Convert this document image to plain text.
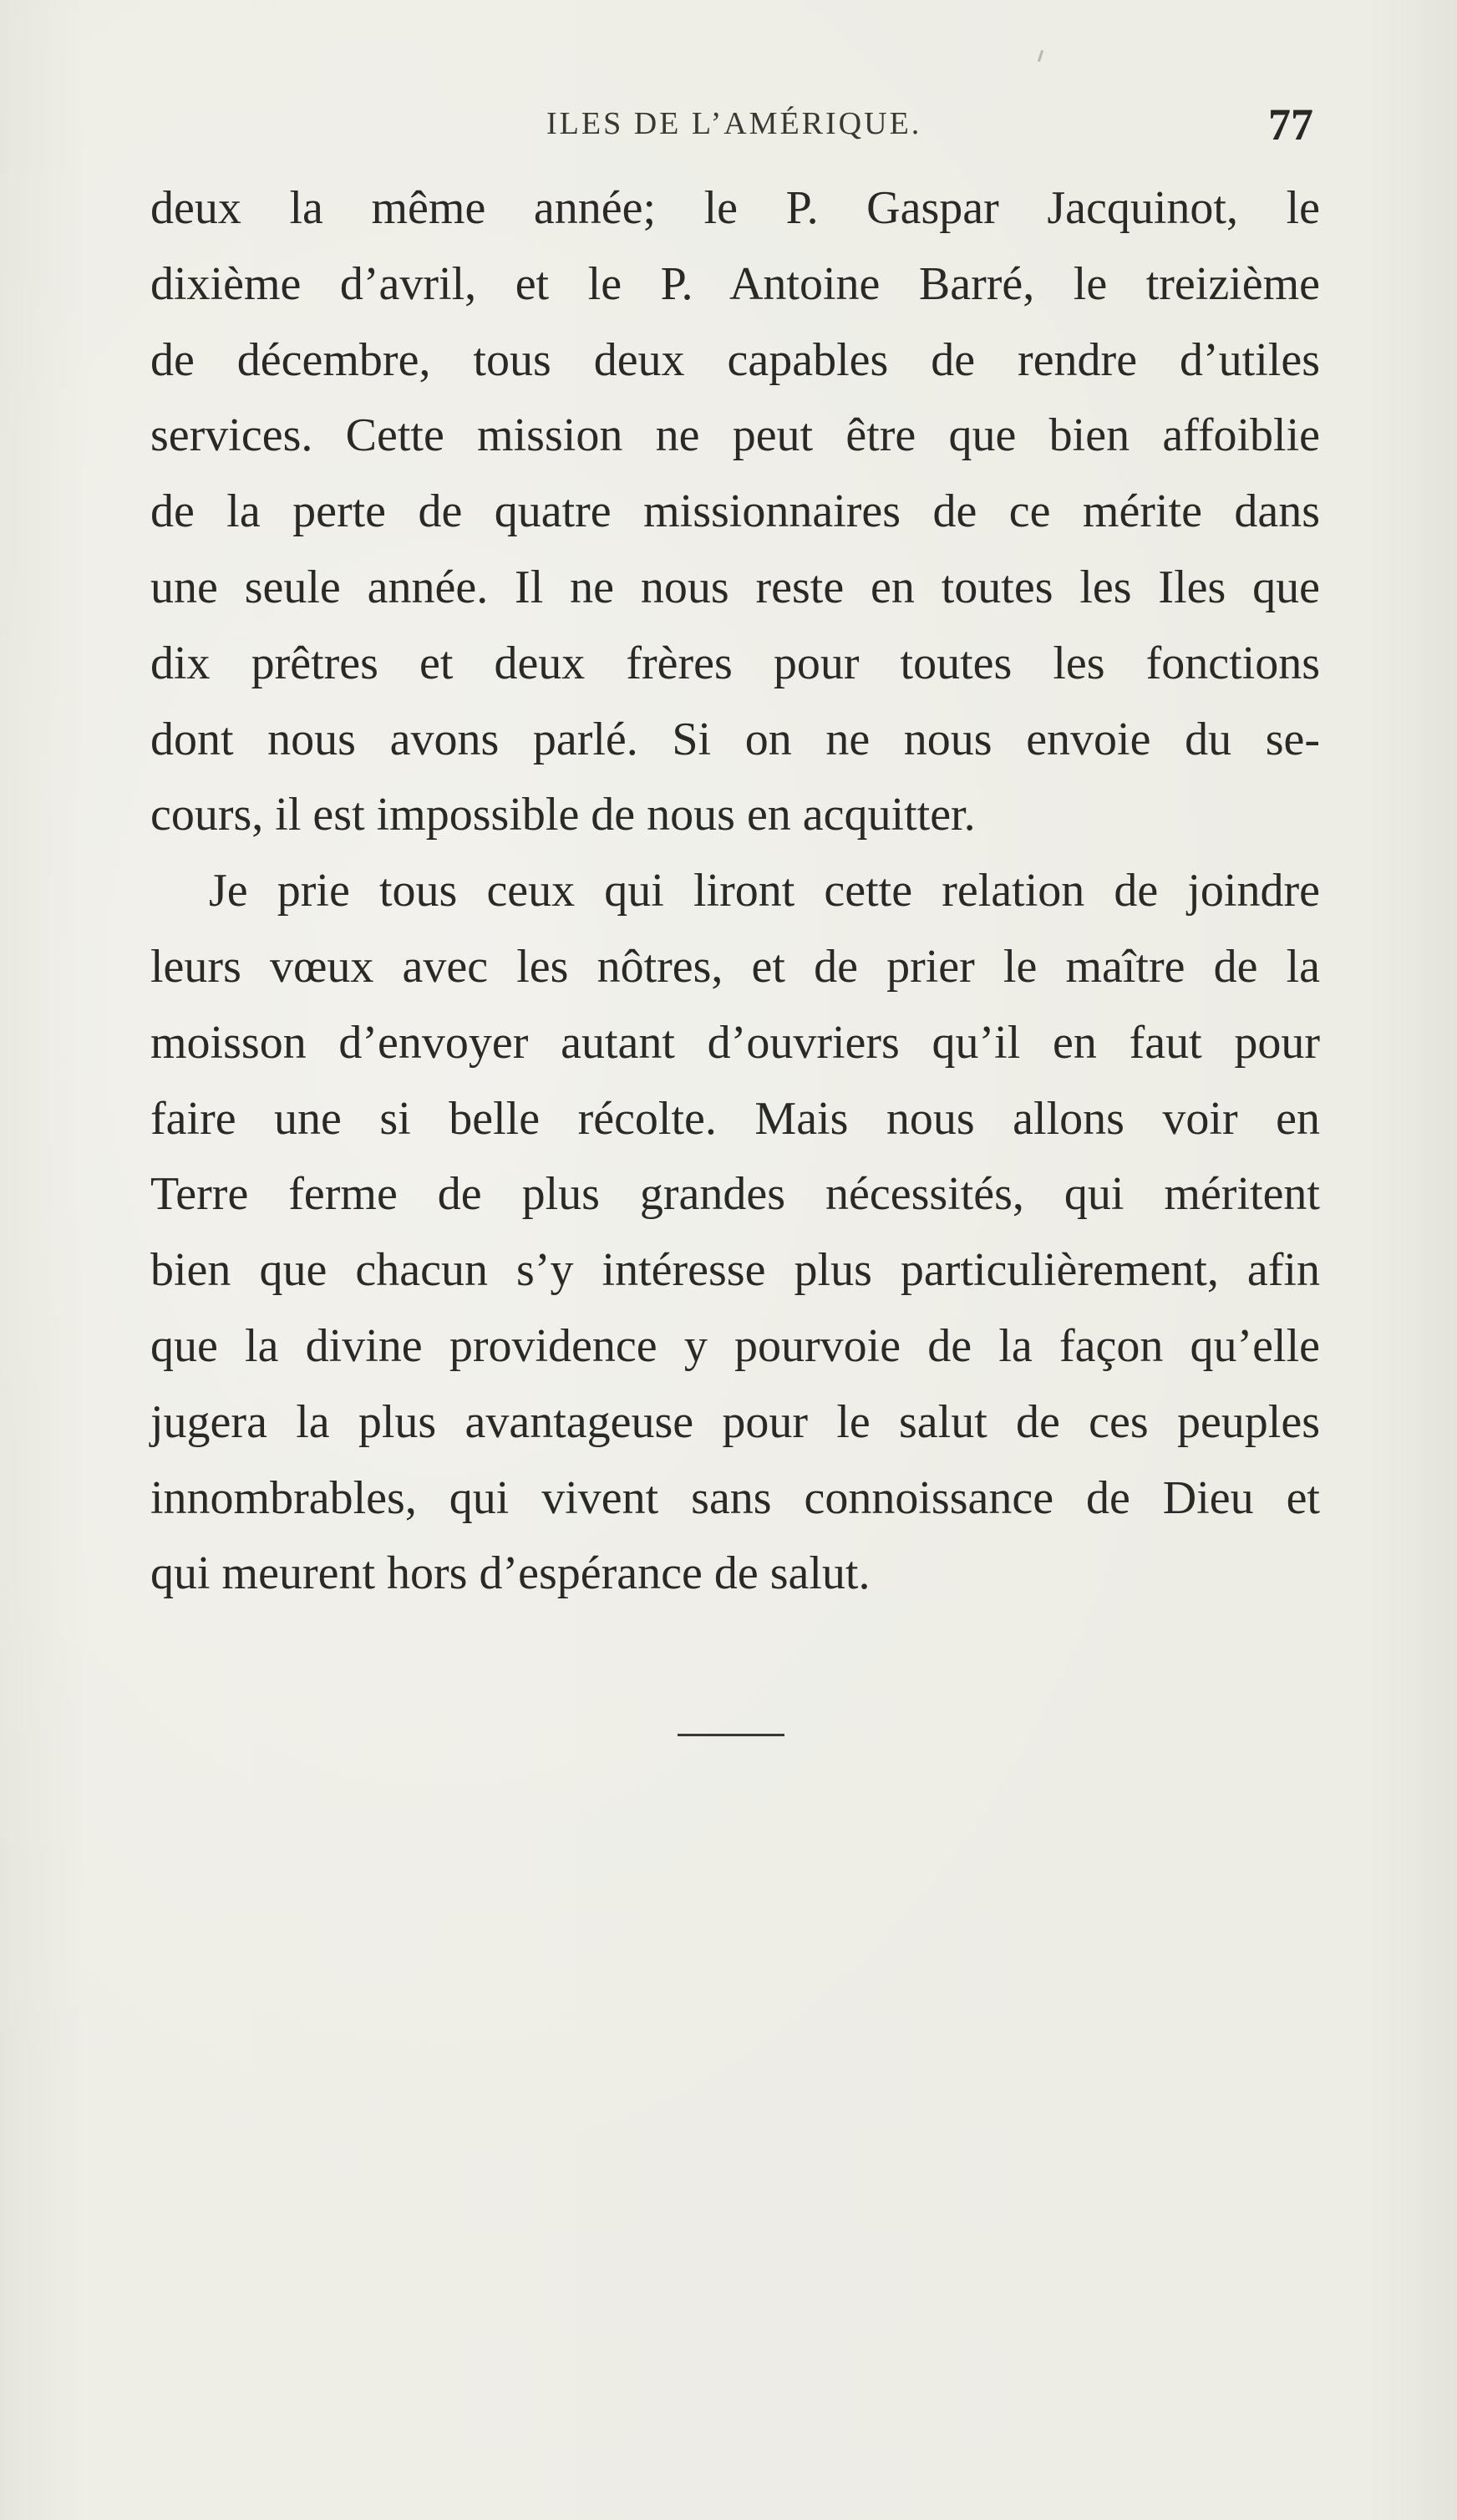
ILES DE L’AMÉRIQUE.	77
deux la même année; le P. Gaspar Jacquinot, le
dixième d’avril, et le P. Antoine Barré, le treizième
de décembre, tous deux capables de rendre d’utiles
services. Cette mission ne peut être que bien affoiblie
de la perte de quatre missionnaires de ce mérite dans
une seule année. Il ne nous reste en toutes les Iles que
dix prêtres et deux frères pour toutes les fonctions
dont nous avons parlé. Si on ne nous envoie du se-
cours, il est impossible de nous en acquitter.
Je prie tous ceux qui liront cette relation de joindre
leurs vœux avec les nôtres, et de prier le maître de la
moisson d’envoyer autant d’ouvriers qu’il en faut pour
faire une si belle récolte. Mais nous allons voir en
Terre ferme de plus grandes nécessités, qui méritent
bien que chacun s’y intéresse plus particulièrement, afin
que la divine providence y pourvoie de la façon qu’elle
jugera la plus avantageuse pour le salut de ces peuples
innombrables, qui vivent sans connoissance de Dieu et
qui meurent hors d’espérance de salut.
